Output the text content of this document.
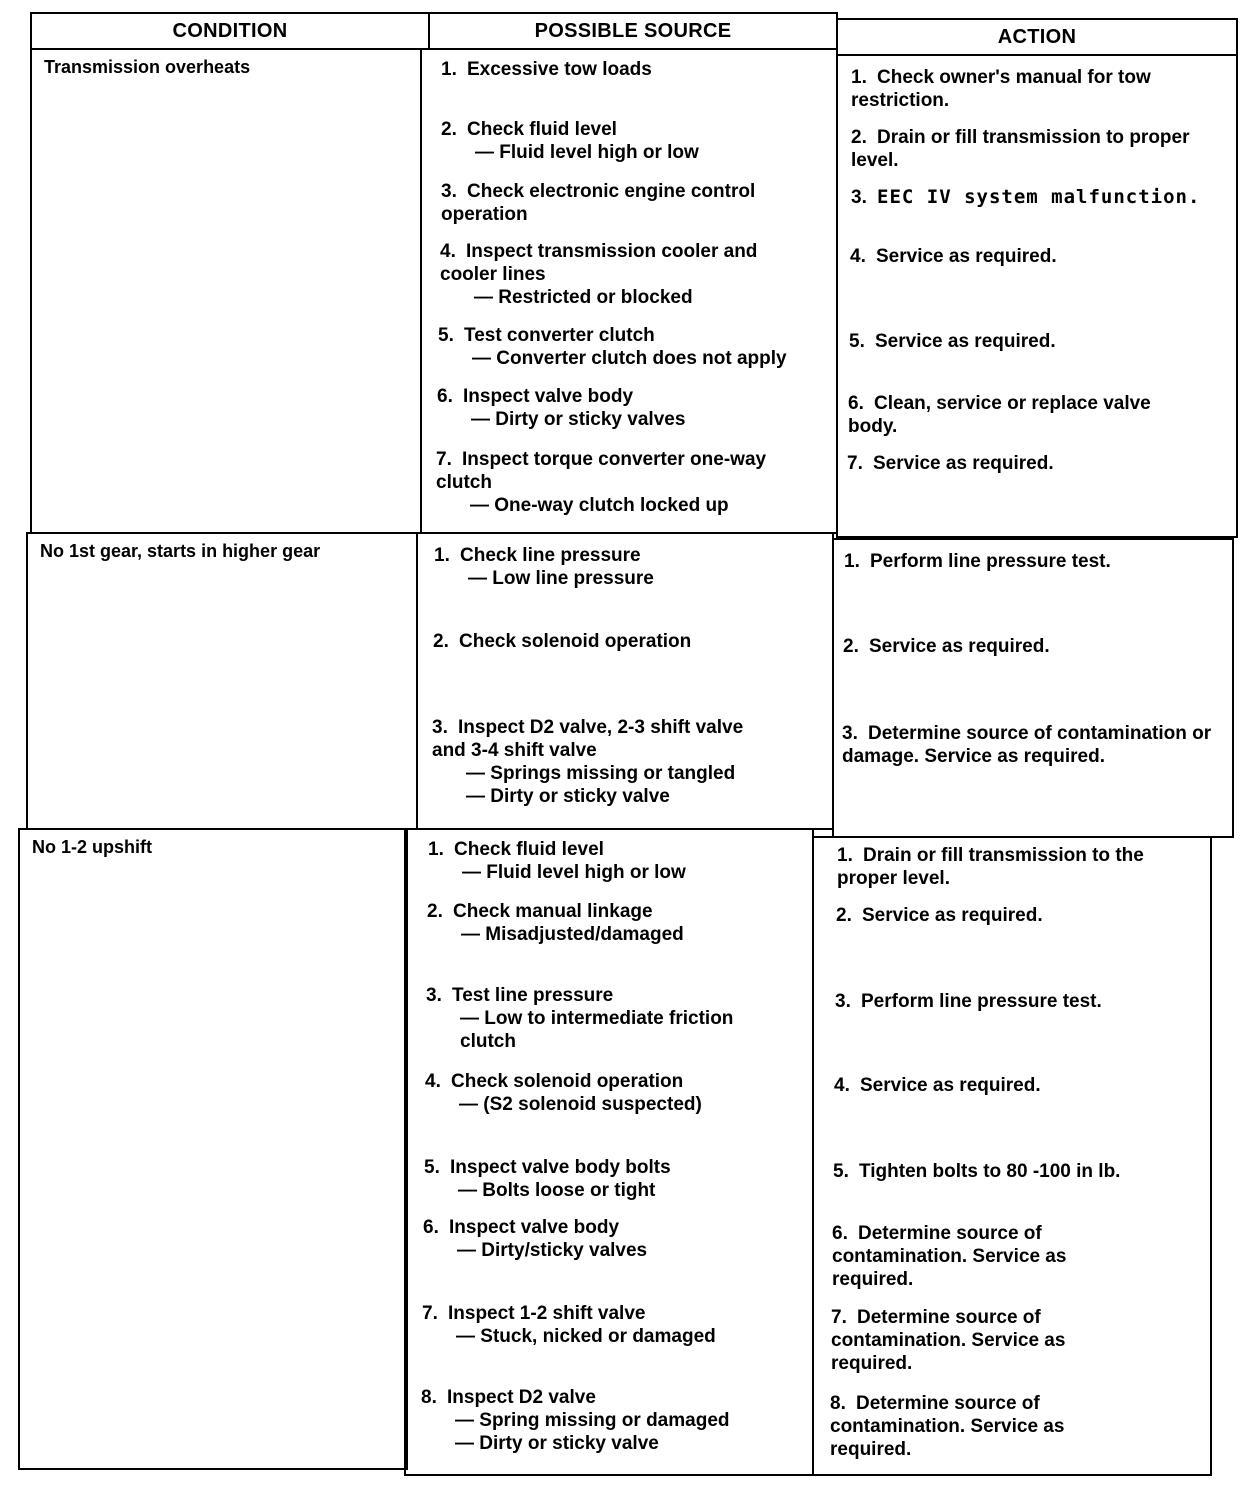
CONDITION	POSSIBLE SOURCE	ACTION
Transmission overheats
No 1st gear, starts in higher gear
No 1-2 upshift
1. Excessive tow loads
2. Check fluid level
— Fluid level high or low
3. Check electronic engine control operation
4. Inspect transmission cooler and cooler lines
— Restricted or blocked
5. Test converter clutch
— Converter clutch does not apply
6. Inspect valve body
— Dirty or sticky valves
7. Inspect torque converter one-way clutch
— One-way clutch locked up
1. Check owner's manual for tow restriction.
2. Drain or fill transmission to proper level.
3. EEC IV system malfunction.
4. Service as required.
5. Service as required.
6. Clean, service or replace valve body.
7. Service as required.
1. Check line pressure
— Low line pressure
2. Check solenoid operation
3. Inspect D2 valve, 2-3 shift valve and 3-4 shift valve
— Springs missing or tangled
— Dirty or sticky valve
1. Perform line pressure test.
2. Service as required.
3. Determine source of contamination or damage. Service as required.
1. Check fluid level
— Fluid level high or low
2. Check manual linkage
— Misadjusted/damaged
3. Test line pressure
— Low to intermediate friction clutch
4. Check solenoid operation
— (S2 solenoid suspected)
5. Inspect valve body bolts
— Bolts loose or tight
6. Inspect valve body
— Dirty/sticky valves
7. Inspect 1-2 shift valve
— Stuck, nicked or damaged
8. Inspect D2 valve
— Spring missing or damaged
— Dirty or sticky valve
1. Drain or fill transmission to the proper level.
2. Service as required.
3. Perform line pressure test.
4. Service as required.
5. Tighten bolts to 80 -100 in lb.
6. Determine source of contamination. Service as required.
7. Determine source of contamination. Service as required.
8. Determine source of contamination. Service as required.
